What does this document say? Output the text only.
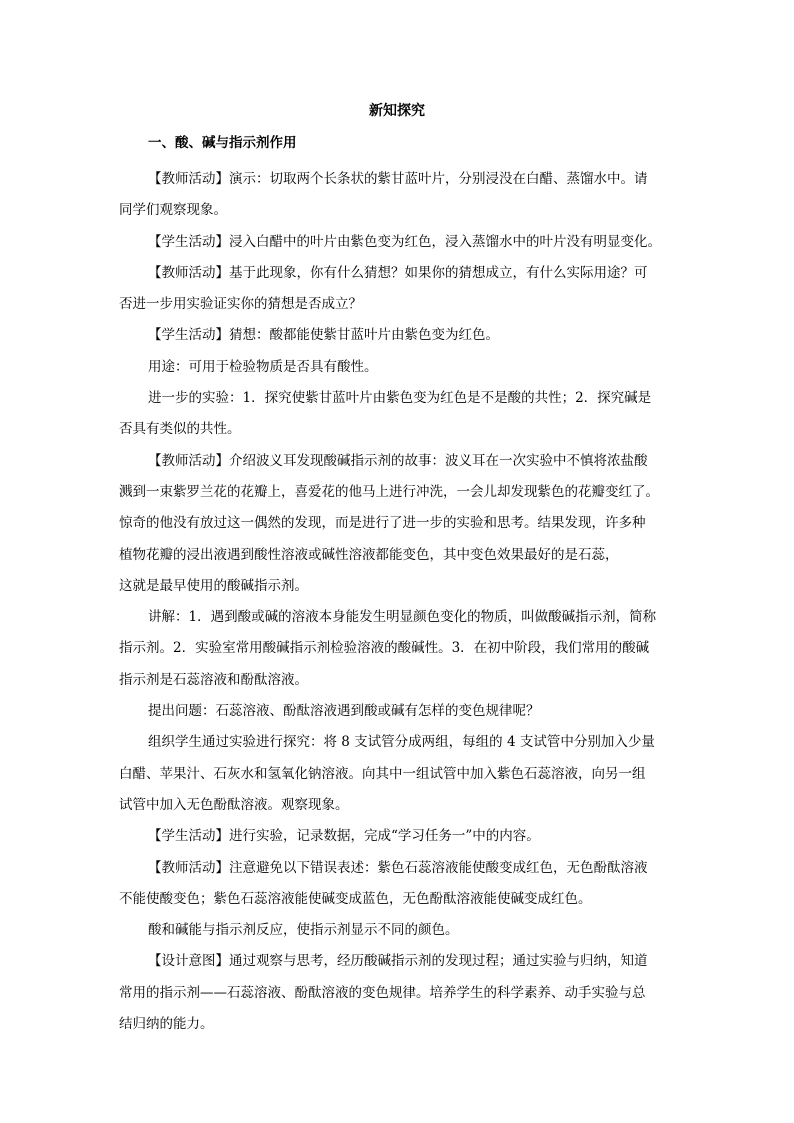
新知探究
一、酸、碱与指示剂作用
【教师活动】演示：切取两个长条状的紫甘蓝叶片，分别浸没在白醋、蒸馏水中。请
同学们观察现象。
【学生活动】浸入白醋中的叶片由紫色变为红色，浸入蒸馏水中的叶片没有明显变化。
【教师活动】基于此现象，你有什么猜想？如果你的猜想成立，有什么实际用途？可
否进一步用实验证实你的猜想是否成立？
【学生活动】猜想：酸都能使紫甘蓝叶片由紫色变为红色。
用途：可用于检验物质是否具有酸性。
进一步的实验：1．探究使紫甘蓝叶片由紫色变为红色是不是酸的共性；2．探究碱是
否具有类似的共性。
【教师活动】介绍波义耳发现酸碱指示剂的故事：波义耳在一次实验中不慎将浓盐酸
溅到一束紫罗兰花的花瓣上，喜爱花的他马上进行冲洗，一会儿却发现紫色的花瓣变红了。
惊奇的他没有放过这一偶然的发现，而是进行了进一步的实验和思考。结果发现，许多种
植物花瓣的浸出液遇到酸性溶液或碱性溶液都能变色，其中变色效果最好的是石蕊，
这就是最早使用的酸碱指示剂。
讲解：1．遇到酸或碱的溶液本身能发生明显颜色变化的物质，叫做酸碱指示剂，简称
指示剂。2．实验室常用酸碱指示剂检验溶液的酸碱性。3．在初中阶段，我们常用的酸碱
指示剂是石蕊溶液和酚酞溶液。
提出问题：石蕊溶液、酚酞溶液遇到酸或碱有怎样的变色规律呢？
组织学生通过实验进行探究：将 8 支试管分成两组，每组的 4 支试管中分别加入少量
白醋、苹果汁、石灰水和氢氧化钠溶液。向其中一组试管中加入紫色石蕊溶液，向另一组
试管中加入无色酚酞溶液。观察现象。
【学生活动】进行实验，记录数据，完成“学习任务一”中的内容。
【教师活动】注意避免以下错误表述：紫色石蕊溶液能使酸变成红色，无色酚酞溶液
不能使酸变色；紫色石蕊溶液能使碱变成蓝色，无色酚酞溶液能使碱变成红色。
酸和碱能与指示剂反应，使指示剂显示不同的颜色。
【设计意图】通过观察与思考，经历酸碱指示剂的发现过程；通过实验与归纳，知道
常用的指示剂——石蕊溶液、酚酞溶液的变色规律。培养学生的科学素养、动手实验与总
结归纳的能力。
